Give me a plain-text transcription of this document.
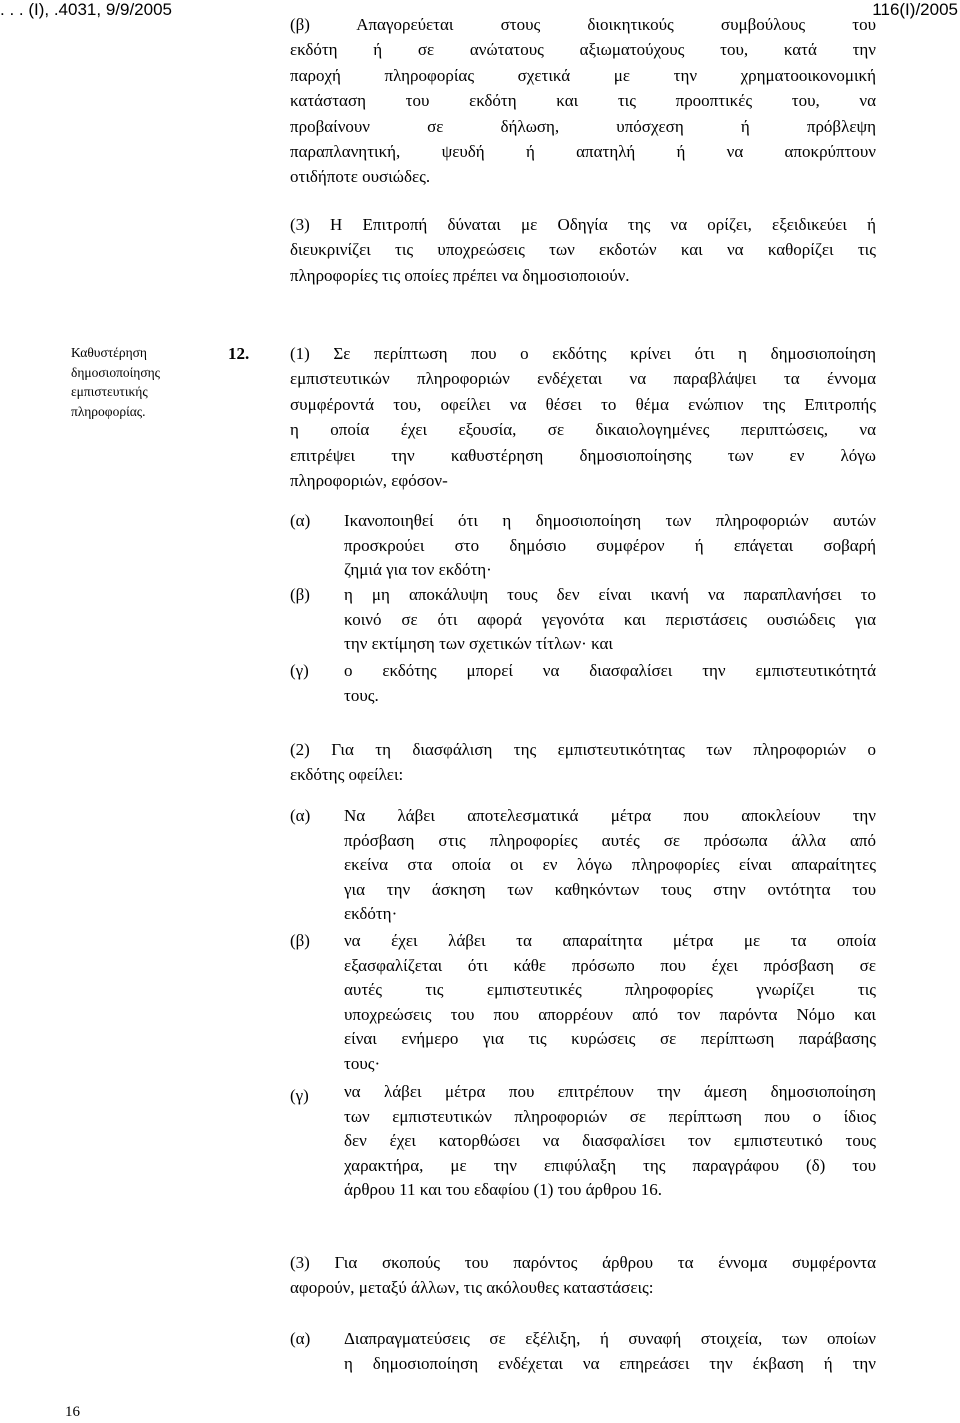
. . . (Ι), .4031, 9/9/2005	116(Ι)/2005
(β) Απαγορεύεται στους διοικητικούς συμβούλους του
εκδότη ή σε ανώτατους αξιωματούχους του, κατά την
παροχή πληροφορίας σχετικά με την χρηματοοικονομική
κατάσταση του εκδότη και τις προοπτικές του, να
προβαίνουν σε δήλωση, υπόσχεση ή πρόβλεψη
παραπλανητική, ψευδή ή απατηλή ή να αποκρύπτουν
οτιδήποτε ουσιώδες.
(3) Η Επιτροπή δύναται με Οδηγία της να ορίζει, εξειδικεύει ή
διευκρινίζει τις υποχρεώσεις των εκδοτών και να καθορίζει τις
πληροφορίες τις οποίες πρέπει να δημοσιοποιούν.
Καθυστέρηση
δημοσιοποίησης
εμπιστευτικής
πληροφορίας.
12. (1) Σε περίπτωση που ο εκδότης κρίνει ότι η δημοσιοποίηση
εμπιστευτικών πληροφοριών ενδέχεται να παραβλάψει τα έννομα
συμφέροντά του, οφείλει να θέσει το θέμα ενώπιον της Επιτροπής
η οποία έχει εξουσία, σε δικαιολογημένες περιπτώσεις, να
επιτρέψει την καθυστέρηση δημοσιοποίησης των εν λόγω
πληροφοριών, εφόσον-
(α) Ικανοποιηθεί ότι η δημοσιοποίηση των πληροφοριών αυτών
προσκρούει στο δημόσιο συμφέρον ή επάγεται σοβαρή
ζημιά για τον εκδότη·
(β) η μη αποκάλυψη τους δεν είναι ικανή να παραπλανήσει το
κοινό σε ότι αφορά γεγονότα και περιστάσεις ουσιώδεις για
την εκτίμηση των σχετικών τίτλων· και
(γ) ο εκδότης μπορεί να διασφαλίσει την εμπιστευτικότητά
τους.
(2) Για τη διασφάλιση της εμπιστευτικότητας των πληροφοριών ο
εκδότης οφείλει:
(α) Να λάβει αποτελεσματικά μέτρα που αποκλείουν την
πρόσβαση στις πληροφορίες αυτές σε πρόσωπα άλλα από
εκείνα στα οποία οι εν λόγω πληροφορίες είναι απαραίτητες
για την άσκηση των καθηκόντων τους στην οντότητα του
εκδότη·
(β) να έχει λάβει τα απαραίτητα μέτρα με τα οποία
εξασφαλίζεται ότι κάθε πρόσωπο που έχει πρόσβαση σε
αυτές τις εμπιστευτικές πληροφορίες γνωρίζει τις
υποχρεώσεις του που απορρέουν από τον παρόντα Νόμο και
είναι ενήμερο για τις κυρώσεις σε περίπτωση παράβασης
τους·
(γ) να λάβει μέτρα που επιτρέπουν την άμεση δημοσιοποίηση
των εμπιστευτικών πληροφοριών σε περίπτωση που ο ίδιος
δεν έχει κατορθώσει να διασφαλίσει τον εμπιστευτικό τους
χαρακτήρα, με την επιφύλαξη της παραγράφου (δ) του
άρθρου 11 και του εδαφίου (1) του άρθρου 16.
(3) Για σκοπούς του παρόντος άρθρου τα έννομα συμφέροντα
αφορούν, μεταξύ άλλων, τις ακόλουθες καταστάσεις:
(α) Διαπραγματεύσεις σε εξέλιξη, ή συναφή στοιχεία, των οποίων
η δημοσιοποίηση ενδέχεται να επηρεάσει την έκβαση ή την
16
